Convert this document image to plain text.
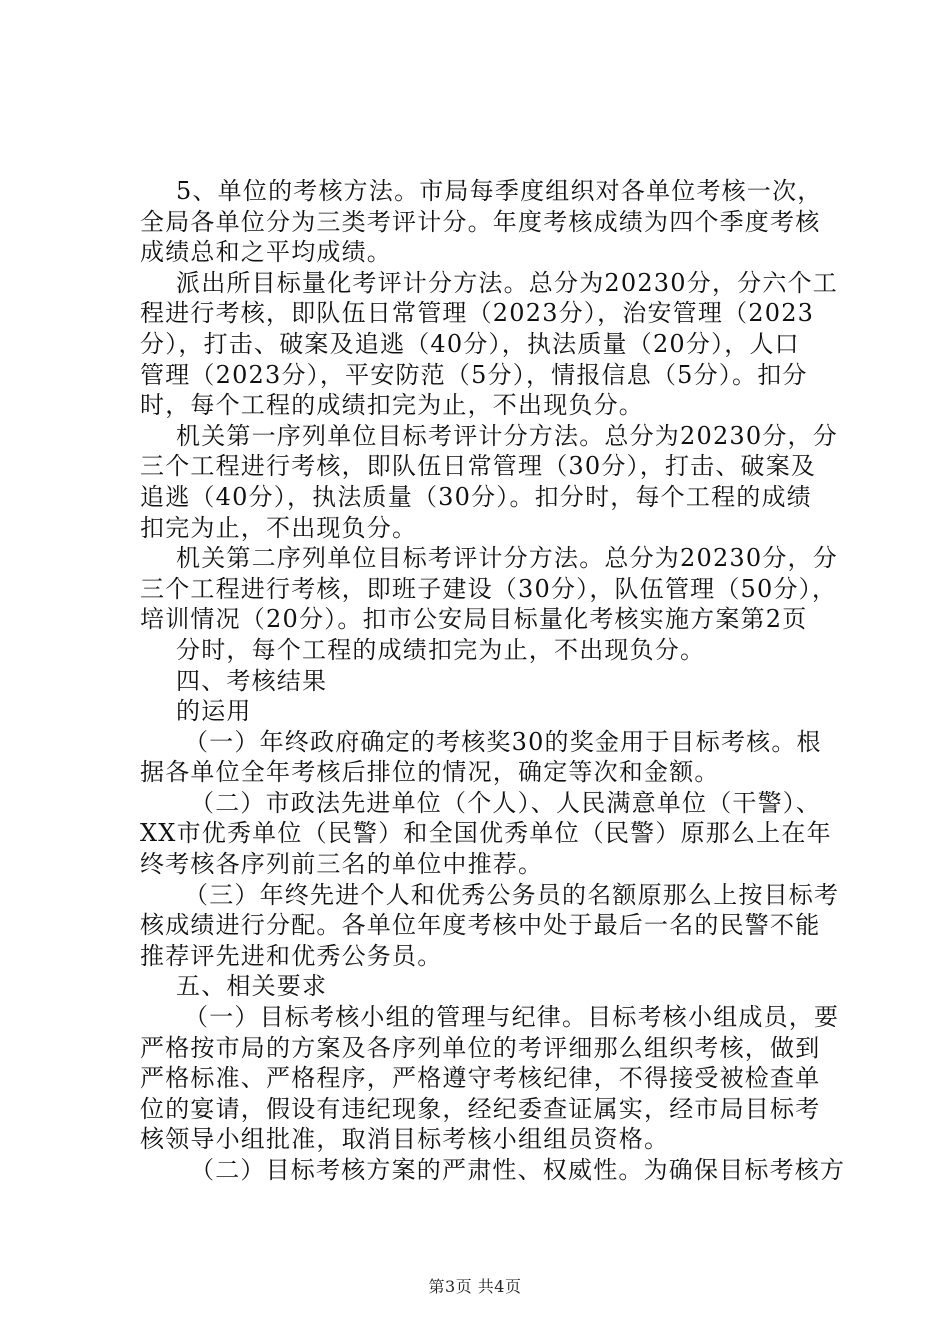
5、单位的考核方法。市局每季度组织对各单位考核一次，
全局各单位分为三类考评计分。年度考核成绩为四个季度考核
成绩总和之平均成绩。
派出所目标量化考评计分方法。总分为20230分，分六个工
程进行考核，即队伍日常管理（2023分），治安管理（2023
分），打击、破案及追逃（40分），执法质量（20分），人口
管理（2023分），平安防范（5分），情报信息（5分）。扣分
时，每个工程的成绩扣完为止，不出现负分。
机关第一序列单位目标考评计分方法。总分为20230分，分
三个工程进行考核，即队伍日常管理（30分），打击、破案及
追逃（40分），执法质量（30分）。扣分时，每个工程的成绩
扣完为止，不出现负分。
机关第二序列单位目标考评计分方法。总分为20230分，分
三个工程进行考核，即班子建设（30分），队伍管理（50分），
培训情况（20分）。扣市公安局目标量化考核实施方案第2页
分时，每个工程的成绩扣完为止，不出现负分。
四、考核结果
的运用
（一）年终政府确定的考核奖30的奖金用于目标考核。根
据各单位全年考核后排位的情况，确定等次和金额。
（二）市政法先进单位（个人）、人民满意单位（干警）、
XX市优秀单位（民警）和全国优秀单位（民警）原那么上在年
终考核各序列前三名的单位中推荐。
（三）年终先进个人和优秀公务员的名额原那么上按目标考
核成绩进行分配。各单位年度考核中处于最后一名的民警不能
推荐评先进和优秀公务员。
五、相关要求
（一）目标考核小组的管理与纪律。目标考核小组成员，要
严格按市局的方案及各序列单位的考评细那么组织考核，做到
严格标准、严格程序，严格遵守考核纪律，不得接受被检查单
位的宴请，假设有违纪现象，经纪委查证属实，经市局目标考
核领导小组批准，取消目标考核小组组员资格。
（二）目标考核方案的严肃性、权威性。为确保目标考核方
第3页 共4页
